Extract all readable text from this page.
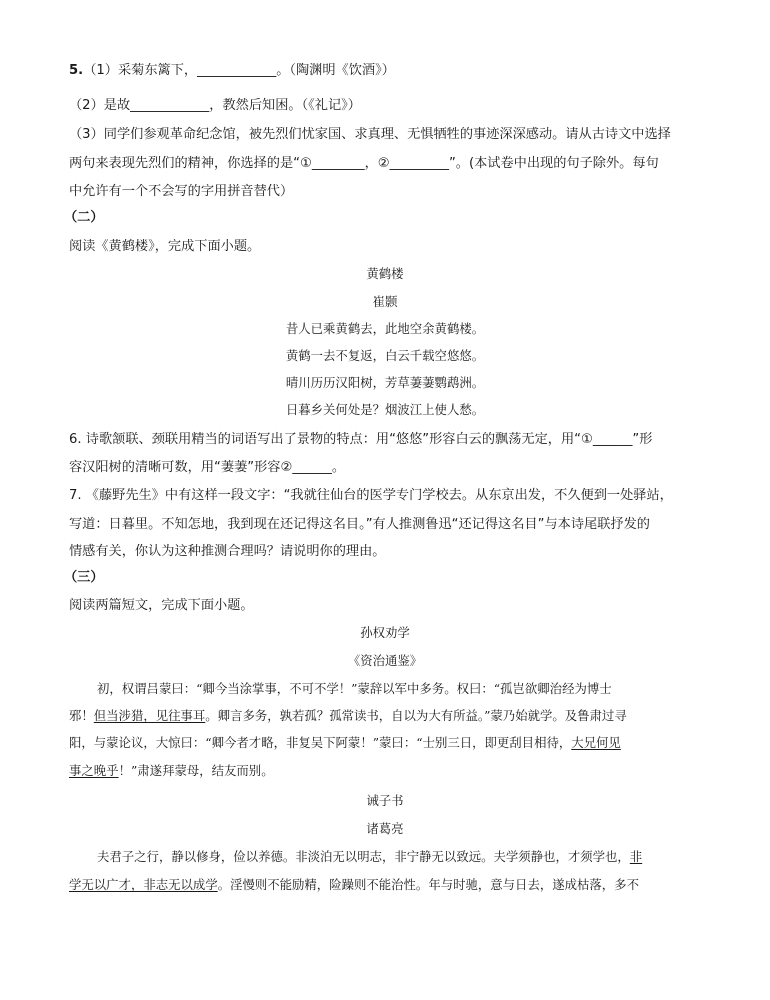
5.（1）采菊东篱下，____________。（陶渊明《饮酒》）
（2）是故____________，教然后知困。（《礼记》）
（3）同学们参观革命纪念馆，被先烈们忧家国、求真理、无惧牺牲的事迹深深感动。请从古诗文中选择
两句来表现先烈们的精神，你选择的是“①________，②_________”。(本试卷中出现的句子除外。每句
中允许有一个不会写的字用拼音替代）
（二）
阅读《黄鹤楼》，完成下面小题。
黄鹤楼
崔颢
昔人已乘黄鹤去，此地空余黄鹤楼。
黄鹤一去不复返，白云千载空悠悠。
晴川历历汉阳树，芳草萋萋鹦鹉洲。
日暮乡关何处是？烟波江上使人愁。
6. 诗歌颔联、颈联用精当的词语写出了景物的特点：用“悠悠”形容白云的飘荡无定，用“①______”形
容汉阳树的清晰可数，用“萋萋”形容②______。
7. 《藤野先生》中有这样一段文字：“我就往仙台的医学专门学校去。从东京出发，不久便到一处驿站，
写道：日暮里。不知怎地，我到现在还记得这名目。”有人推测鲁迅“还记得这名目”与本诗尾联抒发的
情感有关，你认为这种推测合理吗？请说明你的理由。
（三）
阅读两篇短文，完成下面小题。
孙权劝学
《资治通鉴》
初，权谓吕蒙曰：“卿今当涂掌事，不可不学！”蒙辞以军中多务。权曰：“孤岂欲卿治经为博士
邪！但当涉猎，见往事耳。卿言多务，孰若孤？孤常读书，自以为大有所益。”蒙乃始就学。及鲁肃过寻
阳，与蒙论议，大惊曰：“卿今者才略，非复吴下阿蒙！”蒙曰：“士别三日，即更刮目相待，大兄何见
事之晚乎！”肃遂拜蒙母，结友而别。
诫子书
诸葛亮
夫君子之行，静以修身，俭以养德。非淡泊无以明志，非宁静无以致远。夫学须静也，才须学也，非
学无以广才，非志无以成学。淫慢则不能励精，险躁则不能治性。年与时驰，意与日去，遂成枯落，多不
